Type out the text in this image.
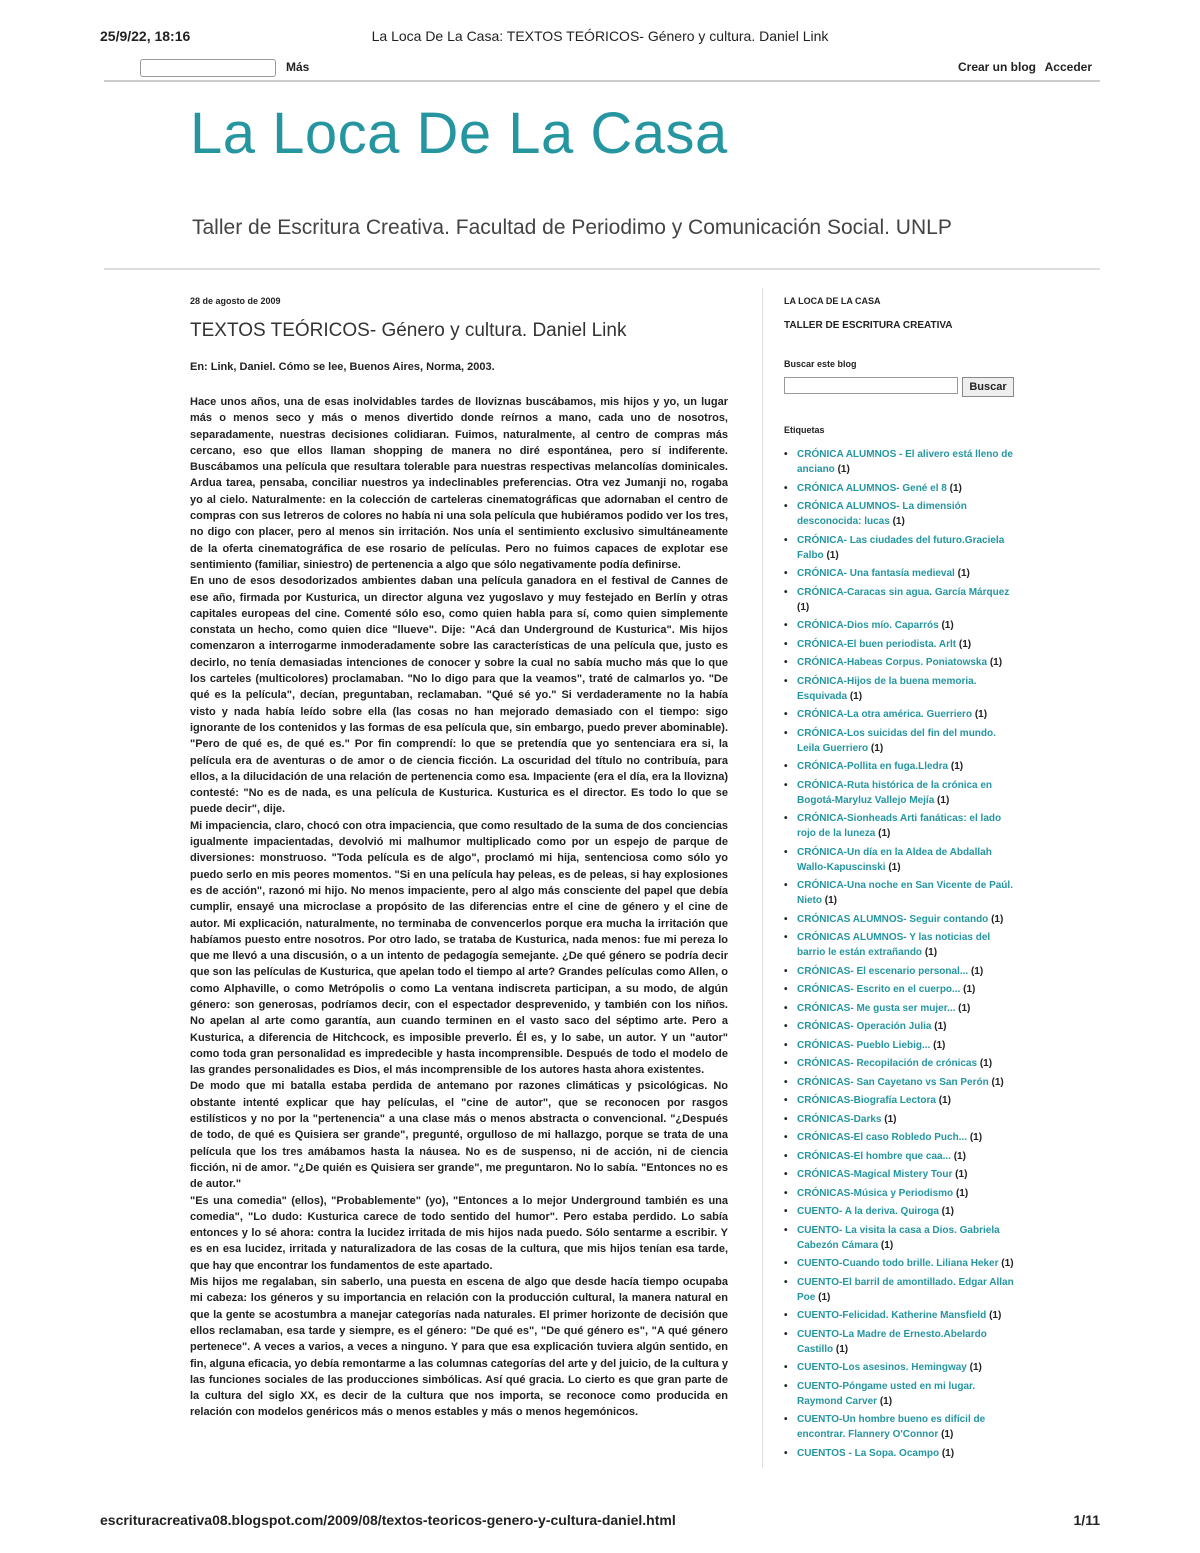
25/9/22, 18:16	La Loca De La Casa: TEXTOS TEÓRICOS- Género y cultura. Daniel Link
Más	Crear un blog Acceder
La Loca De La Casa
Taller de Escritura Creativa. Facultad de Periodimo y Comunicación Social. UNLP
28 de agosto de 2009
TEXTOS TEÓRICOS- Género y cultura. Daniel Link
En: Link, Daniel. Cómo se lee, Buenos Aires, Norma, 2003.

Hace unos años, una de esas inolvidables tardes de lloviznas buscábamos, mis hijos y yo, un lugar más o menos seco y más o menos divertido donde reírnos a mano, cada uno de nosotros, separadamente, nuestras decisiones colidiaran. Fuimos, naturalmente, al centro de compras más cercano, eso que ellos llaman shopping de manera no diré espontánea, pero sí indiferente. Buscábamos una película que resultara tolerable para nuestras respectivas melancolías dominicales. Ardua tarea, pensaba, conciliar nuestros ya indeclinables preferencias. Otra vez Jumanji no, rogaba yo al cielo. Naturalmente: en la colección de carteleras cinematográficas que adornaban el centro de compras con sus letreros de colores no había ni una sola película que hubiéramos podido ver los tres, no digo con placer, pero al menos sin irritación. Nos unía el sentimiento exclusivo simultáneamente de la oferta cinematográfica de ese rosario de películas. Pero no fuimos capaces de explotar ese sentimiento (familiar, siniestro) de pertenencia a algo que sólo negativamente podía definirse.

En uno de esos desodorizados ambientes daban una película ganadora en el festival de Cannes de ese año, firmada por Kusturica, un director alguna vez yugoslavo y muy festejado en Berlín y otras capitales europeas del cine. Comenté sólo eso, como quien habla para sí, como quien simplemente constata un hecho, como quien dice "llueve". Dije: "Acá dan Underground de Kusturica". Mis hijos comenzaron a interrogarme inmoderadamente sobre las características de una película que, justo es decirlo, no tenía demasiadas intenciones de conocer y sobre la cual no sabía mucho más que lo que los carteles (multicolores) proclamaban. "No lo digo para que la veamos", traté de calmarlos yo. "De qué es la película", decían, preguntaban, reclamaban. "Qué sé yo." Si verdaderamente no la había visto y nada había leído sobre ella (las cosas no han mejorado demasiado con el tiempo: sigo ignorante de los contenidos y las formas de esa película que, sin embargo, puedo prever abominable). "Pero de qué es, de qué es." Por fin comprendí: lo que se pretendía que yo sentenciara era si, la película era de aventuras o de amor o de ciencia ficción. La oscuridad del título no contribuía, para ellos, a la dilucidación de una relación de pertenencia como esa. Impaciente (era el día, era la llovizna) contesté: "No es de nada, es una película de Kusturica. Kusturica es el director. Es todo lo que se puede decir", dije.

Mi impaciencia, claro, chocó con otra impaciencia, que como resultado de la suma de dos conciencias igualmente impacientadas, devolvió mi malhumor multiplicado como por un espejo de parque de diversiones: monstruoso. "Toda película es de algo", proclamó mi hija, sentenciosa como sólo yo puedo serlo en mis peores momentos. "Si en una película hay peleas, es de peleas, si hay explosiones es de acción", razonó mi hijo. No menos impaciente, pero al algo más consciente del papel que debía cumplir, ensayé una microclase a propósito de las diferencias entre el cine de género y el cine de autor. Mi explicación, naturalmente, no terminaba de convencerlos porque era mucha la irritación que habíamos puesto entre nosotros. Por otro lado, se trataba de Kusturica, nada menos: fue mi pereza lo que me llevó a una discusión, o a un intento de pedagogía semejante. ¿De qué género se podría decir que son las películas de Kusturica, que apelan todo el tiempo al arte? Grandes películas como Allen, o como Alphaville, o como Metrópolis o como La ventana indiscreta participan, a su modo, de algún género: son generosas, podríamos decir, con el espectador desprevenido, y también con los niños. No apelan al arte como garantía, aun cuando terminen en el vasto saco del séptimo arte. Pero a Kusturica, a diferencia de Hitchcock, es imposible preverlo. Él es, y lo sabe, un autor. Y un "autor" como toda gran personalidad es impredecible y hasta incomprensible. Después de todo el modelo de las grandes personalidades es Dios, el más incomprensible de los autores hasta ahora existentes.

De modo que mi batalla estaba perdida de antemano por razones climáticas y psicológicas. No obstante intenté explicar que hay películas, el "cine de autor", que se reconocen por rasgos estilísticos y no por la "pertenencia" a una clase más o menos abstracta o convencional. "¿Después de todo, de qué es Quisiera ser grande", pregunté, orgulloso de mi hallazgo, porque se trata de una película que los tres amábamos hasta la náusea. No es de suspenso, ni de acción, ni de ciencia ficción, ni de amor. "¿De quién es Quisiera ser grande", me preguntaron. No lo sabía. "Entonces no es de autor."

"Es una comedia" (ellos), "Probablemente" (yo), "Entonces a lo mejor Underground también es una comedia", "Lo dudo: Kusturica carece de todo sentido del humor". Pero estaba perdido. Lo sabía entonces y lo sé ahora: contra la lucidez irritada de mis hijos nada puedo. Sólo sentarme a escribir. Y es en esa lucidez, irritada y naturalizadora de las cosas de la cultura, que mis hijos tenían esa tarde, que hay que encontrar los fundamentos de este apartado.

Mis hijos me regalaban, sin saberlo, una puesta en escena de algo que desde hacía tiempo ocupaba mi cabeza: los géneros y su importancia en relación con la producción cultural, la manera natural en que la gente se acostumbra a manejar categorías nada naturales. El primer horizonte de decisión que ellos reclamaban, esa tarde y siempre, es el género: "De qué es", "De qué género es", "A qué género pertenece". A veces a varios, a veces a ninguno. Y para que esa explicación tuviera algún sentido, en fin, alguna eficacia, yo debía remontarme a las columnas categorías del arte y del juicio, de la cultura y las funciones sociales de las producciones simbólicas. Así qué gracia. Lo cierto es que gran parte de la cultura del siglo XX, es decir de la cultura que nos importa, se reconoce como producida en relación con modelos genéricos más o menos estables y más o menos hegemónicos.

LA LOCA DE LA CASA
TALLER DE ESCRITURA CREATIVA
Buscar este blog
Buscar
Etiquetas
• CRÓNICA ALUMNOS - El alivero está lleno de anciano (1)
• CRÓNICA ALUMNOS- Gené el 8 (1)
• CRÓNICA ALUMNOS- La dimensión desconocida: lucas (1)
• CRÓNICA- Las ciudades del futuro.Graciela Falbo (1)
• CRÓNICA- Una fantasía medieval (1)
• CRÓNICA-Caracas sin agua. García Márquez (1)
• CRÓNICA-Dios mío. Caparrós (1)
• CRÓNICA-El buen periodista. Arlt (1)
• CRÓNICA-Habeas Corpus. Poniatowska (1)
• CRÓNICA-Hijos de la buena memoria. Esquivada (1)
• CRÓNICA-La otra américa. Guerriero (1)
• CRÓNICA-Los suicidas del fin del mundo. Leila Guerriero (1)
• CRÓNICA-Pollita en fuga.Lledra (1)
• CRÓNICA-Ruta histórica de la crónica en Bogotá-Maryluz Vallejo Mejía (1)
• CRÓNICA-Sionheads Arti fanáticas: el lado rojo de la luneza (1)
• CRÓNICA-Un día en la Aldea de Abdallah Wallo-Kapuscinski (1)
• CRÓNICA-Una noche en San Vicente de Paúl. Nieto (1)
• CRÓNICAS ALUMNOS- Seguir contando (1)
• CRÓNICAS ALUMNOS- Y las noticias del barrio le están extrañando (1)
• CRÓNICAS- El escenario personal... (1)
• CRÓNICAS- Escrito en el cuerpo... (1)
• CRÓNICAS- Me gusta ser mujer... (1)
• CRÓNICAS- Operación Julia (1)
• CRÓNICAS- Pueblo Liebig... (1)
• CRÓNICAS- Recopilación de crónicas (1)
• CRÓNICAS- San Cayetano vs San Perón (1)
• CRÓNICAS-Biografía Lectora (1)
• CRÓNICAS-Darks (1)
• CRÓNICAS-El caso Robledo Puch... (1)
• CRÓNICAS-El hombre que caa... (1)
• CRÓNICAS-Magical Mistery Tour (1)
• CRÓNICAS-Música y Periodismo (1)
• CUENTO- A la deriva. Quiroga (1)
• CUENTO- La visita la casa a Dios. Gabriela Cabezón Cámara (1)
• CUENTO-Cuando todo brille. Liliana Heker (1)
• CUENTO-El barril de amontillado. Edgar Allan Poe (1)
• CUENTO-Felicidad. Katherine Mansfield (1)
• CUENTO-La Madre de Ernesto.Abelardo Castillo (1)
• CUENTO-Los asesinos. Hemingway (1)
• CUENTO-Póngame usted en mi lugar. Raymond Carver (1)
• CUENTO-Un hombre bueno es difícil de encontrar. Flannery O'Connor (1)
• CUENTOS - La Sopa. Ocampo (1)
escrituracreativa08.blogspot.com/2009/08/textos-teoricos-genero-y-cultura-daniel.html	1/11
